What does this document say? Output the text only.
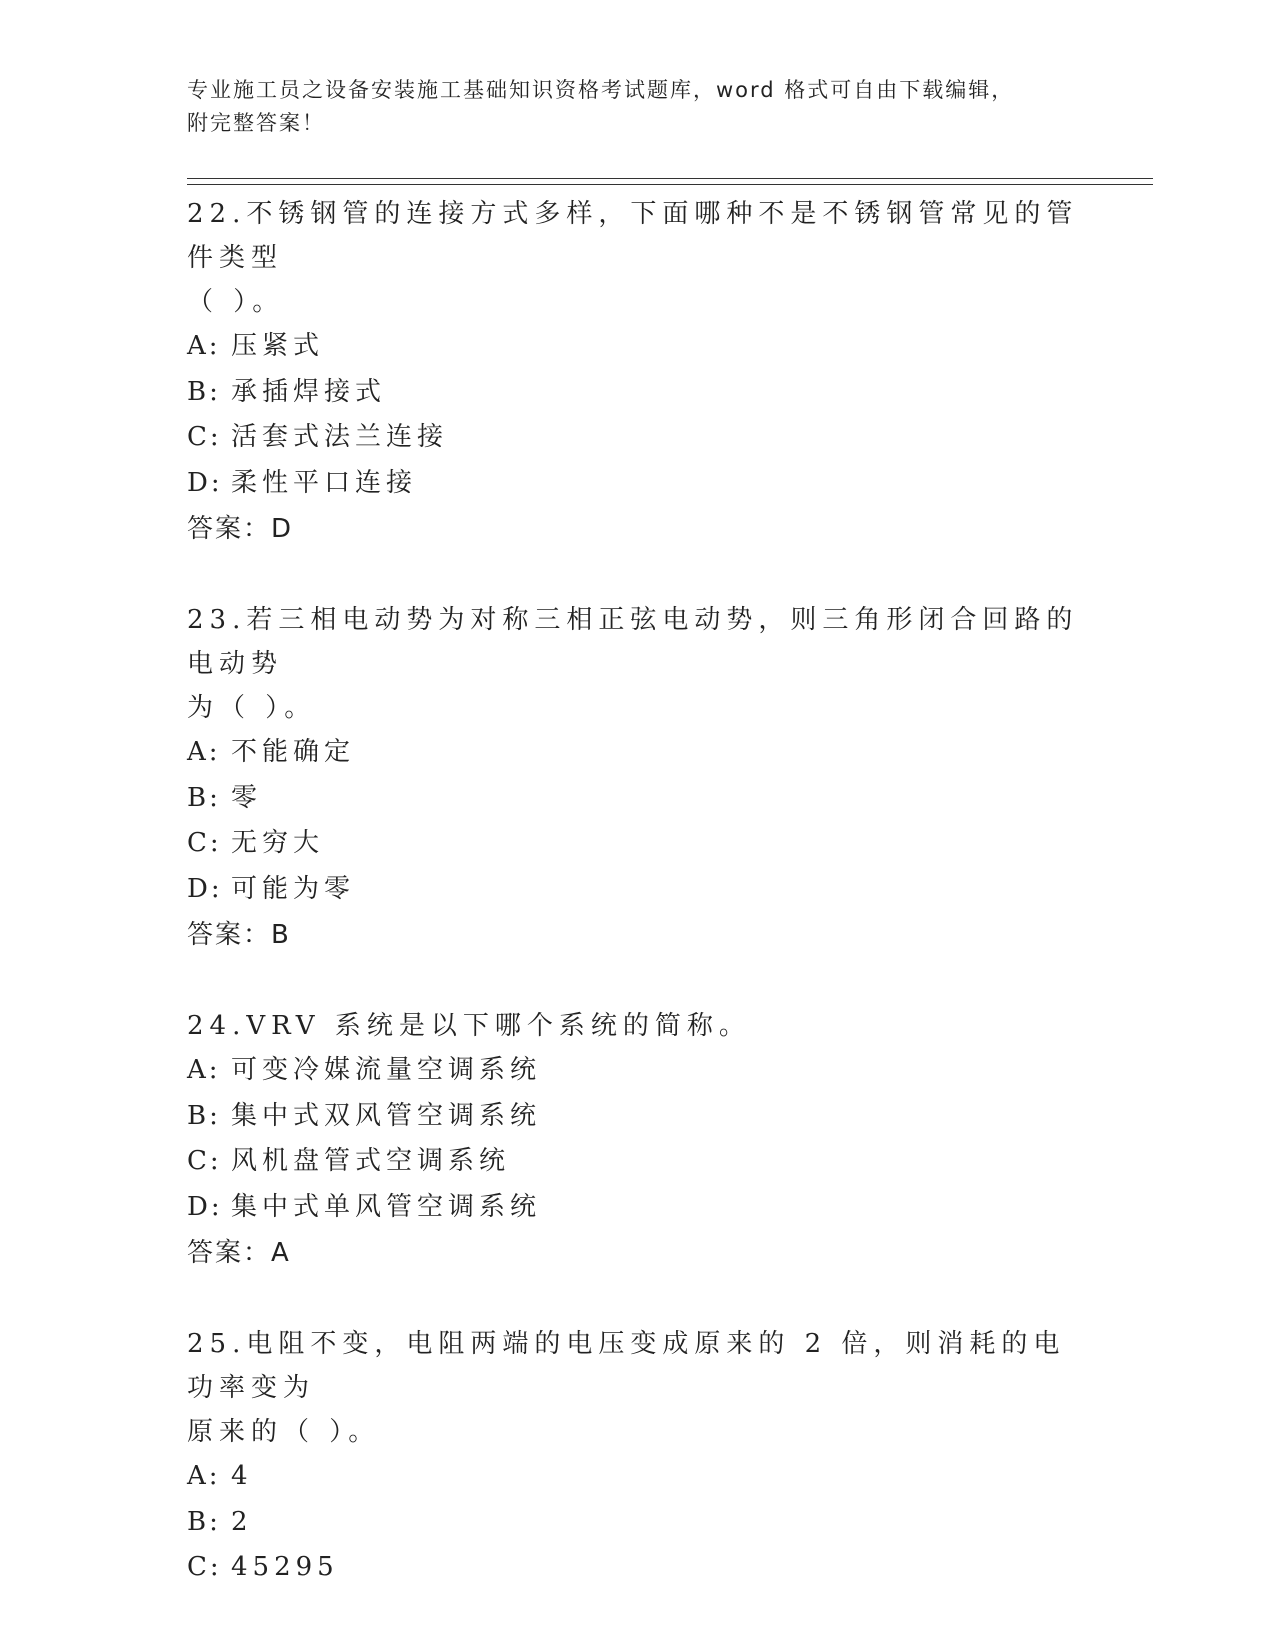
专业施工员之设备安装施工基础知识资格考试题库，word 格式可自由下载编辑，
附完整答案！

22.不锈钢管的连接方式多样，下面哪种不是不锈钢管常见的管件类型
（ ）。

A: 压紧式

B: 承插焊接式

C: 活套式法兰连接

D: 柔性平口连接

答案：D

23.若三相电动势为对称三相正弦电动势，则三角形闭合回路的电动势
为（ ）。

A: 不能确定

B: 零

C: 无穷大

D: 可能为零

答案：B

24.VRV 系统是以下哪个系统的简称。

A: 可变冷媒流量空调系统

B: 集中式双风管空调系统

C: 风机盘管式空调系统

D: 集中式单风管空调系统

答案：A

25.电阻不变，电阻两端的电压变成原来的 2 倍，则消耗的电功率变为
原来的（ ）。

A: 4

B: 2

C: 45295
